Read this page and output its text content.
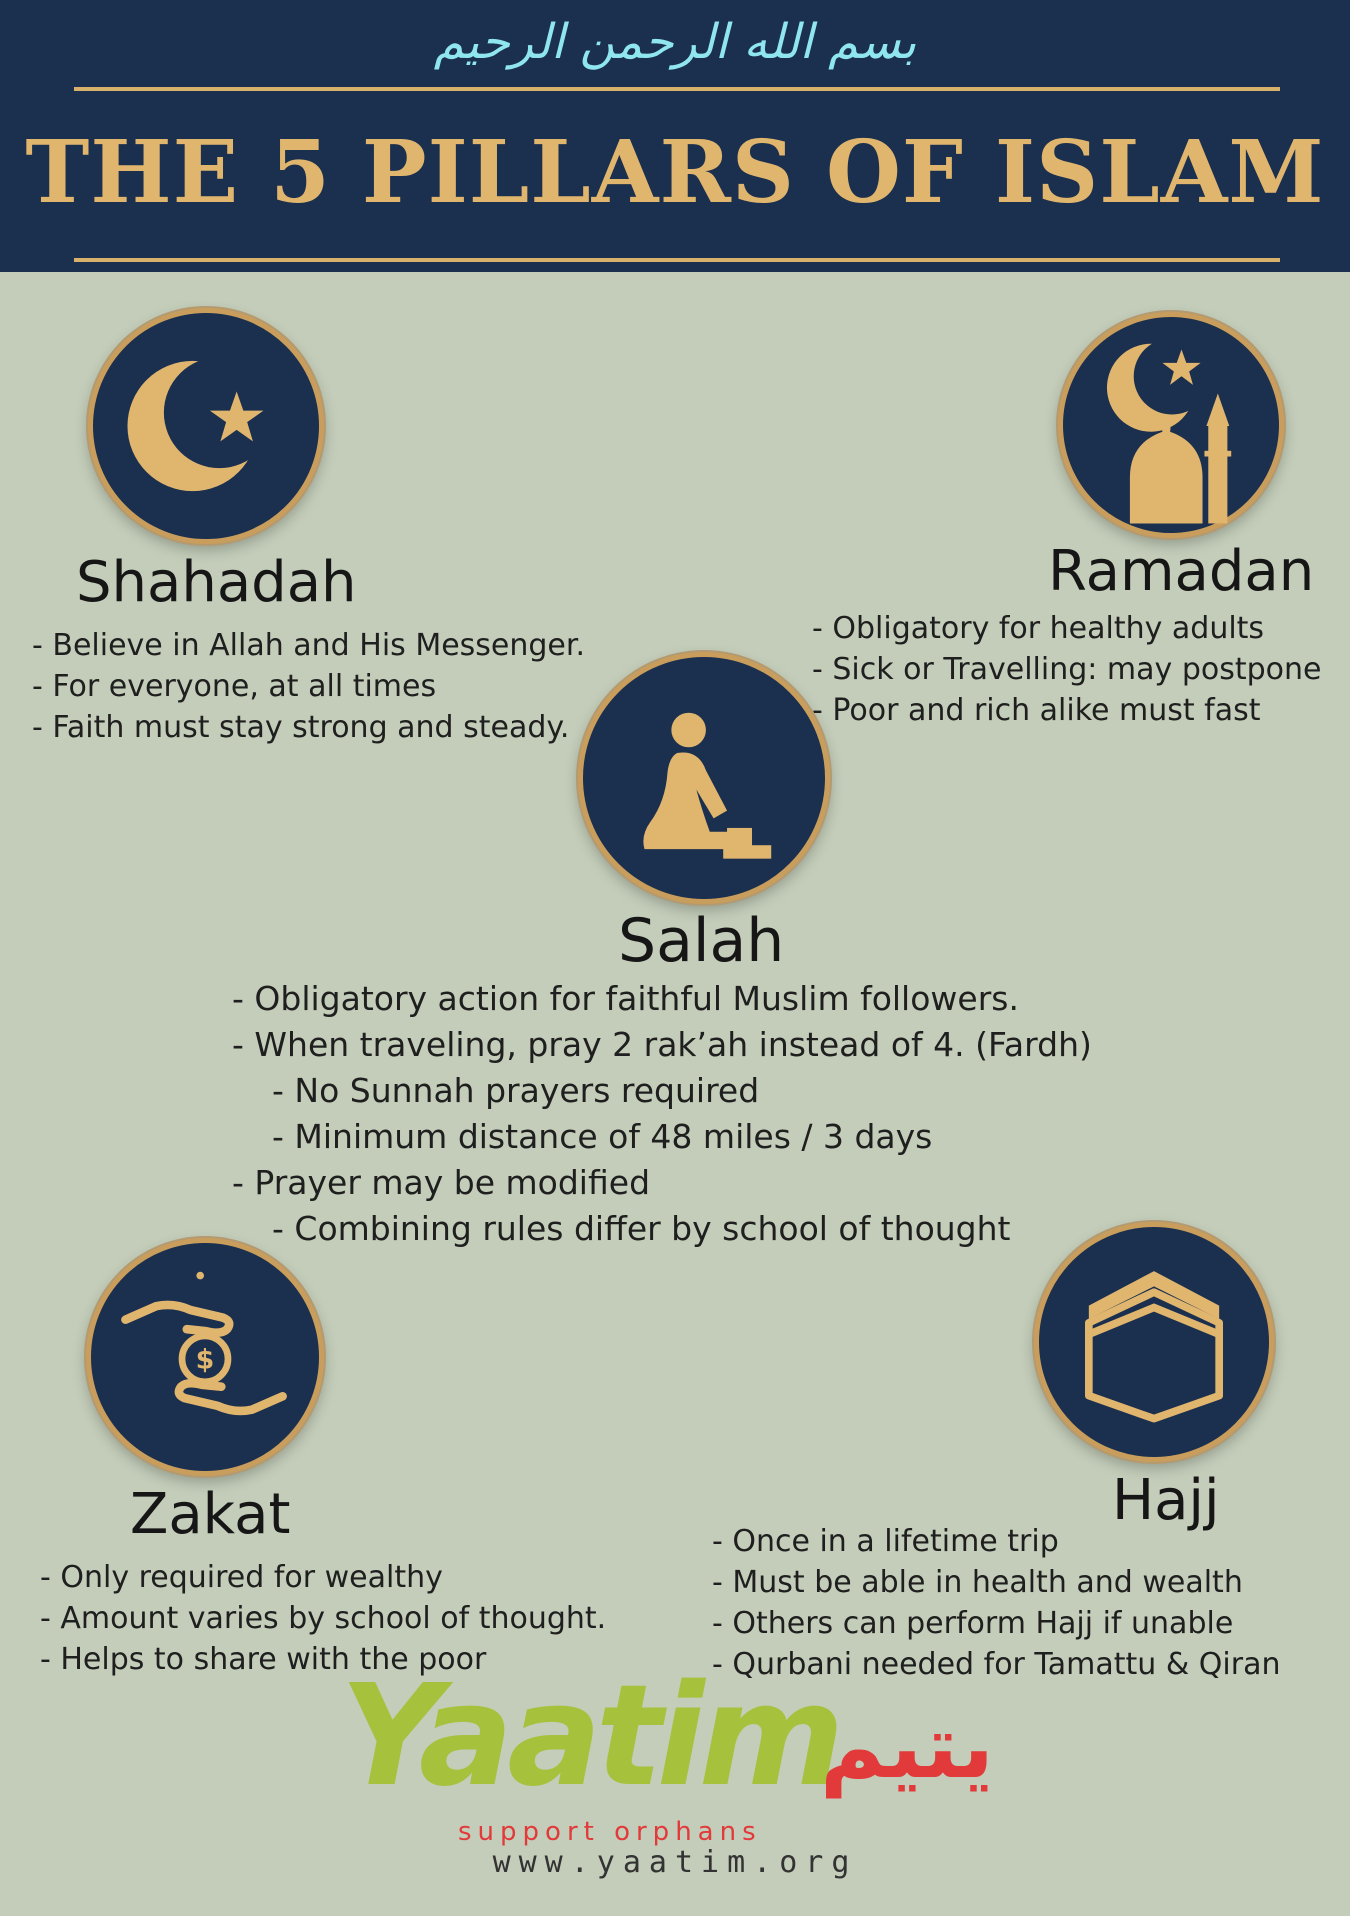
بسم الله الرحمن الرحيم
THE 5 PILLARS OF ISLAM
Shahadah
- Believe in Allah and His Messenger.
- For everyone, at all times
- Faith must stay strong and steady.
Ramadan
- Obligatory for healthy adults
- Sick or Travelling: may postpone
- Poor and rich alike must fast
Salah
- Obligatory action for faithful Muslim followers.
- When traveling, pray 2 rak’ah instead of 4. (Fardh)
- No Sunnah prayers required
- Minimum distance of 48 miles / 3 days
- Prayer may be modified
- Combining rules differ by school of thought
$
Zakat
- Only required for wealthy
- Amount varies by school of thought.
- Helps to share with the poor
Hajj
- Once in a lifetime trip
- Must be able in health and wealth
- Others can perform Hajj if unable
- Qurbani needed for Tamattu & Qiran
Yaatim
يتيم
support orphans
www.yaatim.org
